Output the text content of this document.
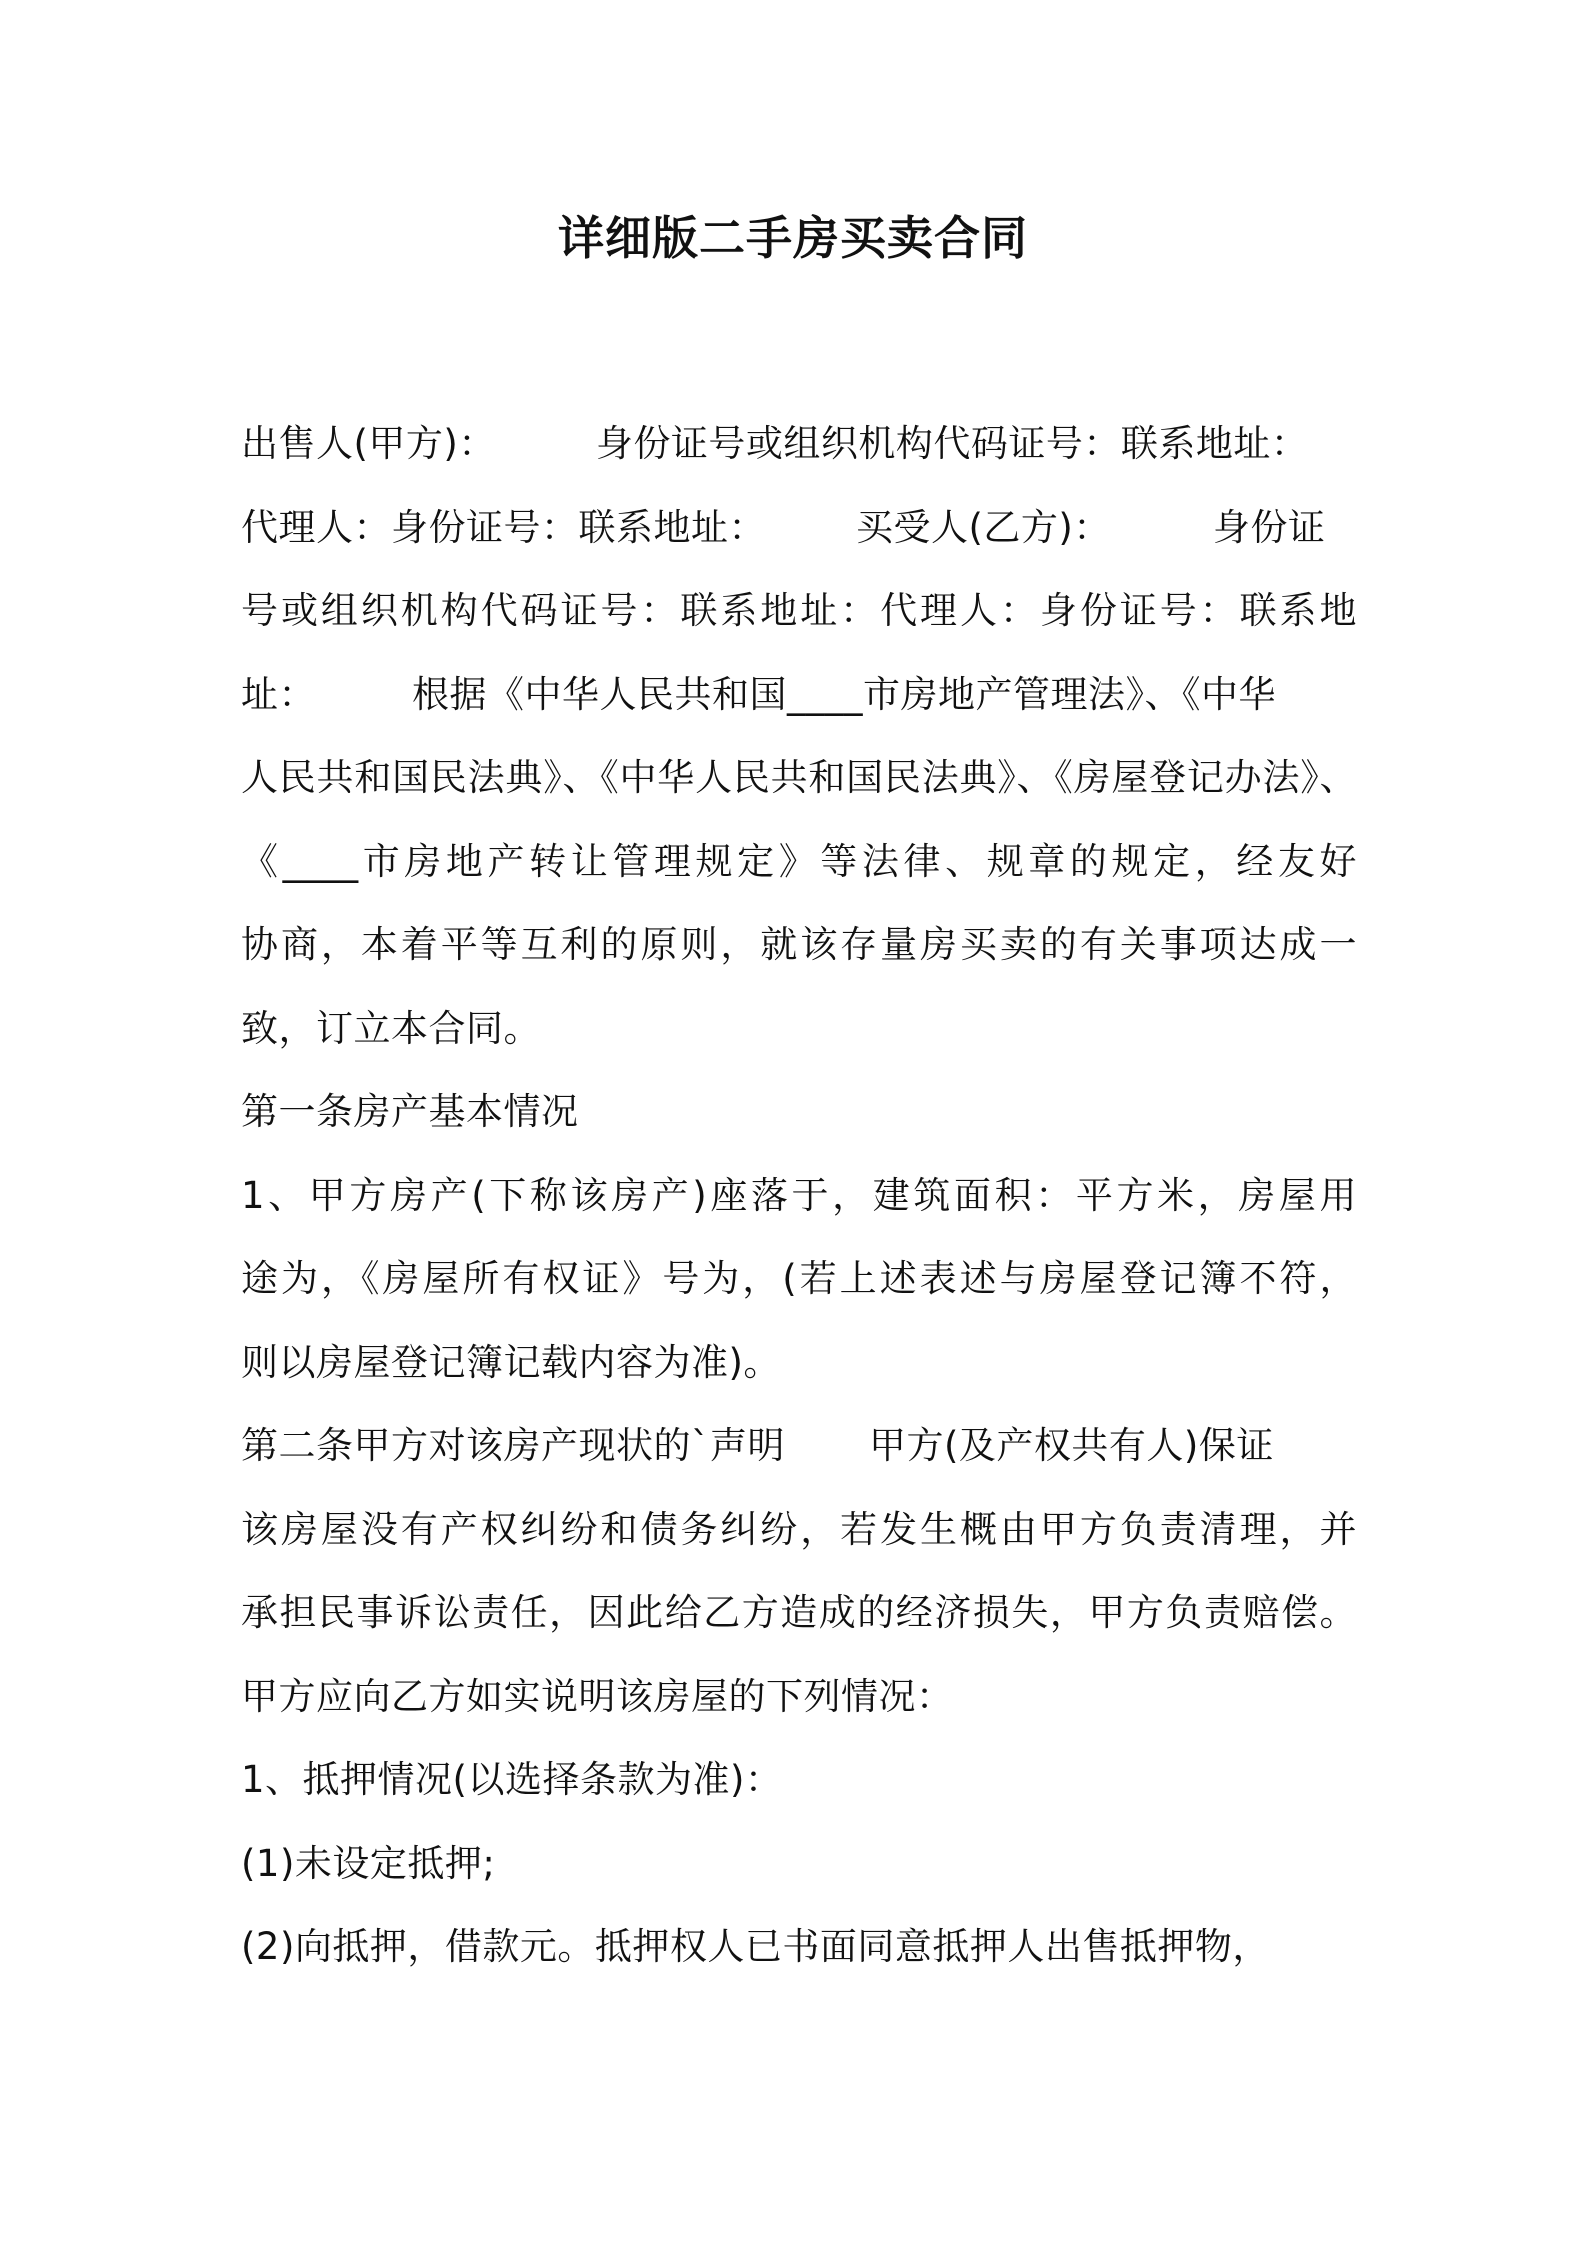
详细版二手房买卖合同
出售人(甲方)：	身份证号或组织机构代码证号：联系地址：
代理人：身份证号：联系地址： 买受人(乙方)：	身份证
号或组织机构代码证号：联系地址：代理人：身份证号：联系地
址：	根据《中华人民共和国____市房地产管理法》、《中华
人民共和国民法典》、《中华人民共和国民法典》、《房屋登记办法》、
《____市房地产转让管理规定》等法律、规章的规定，经友好
协商，本着平等互利的原则，就该存量房买卖的有关事项达成一
致，订立本合同。
第一条房产基本情况
1、甲方房产(下称该房产)座落于，建筑面积：平方米，房屋用
途为，《房屋所有权证》号为，(若上述表述与房屋登记簿不符，
则以房屋登记簿记载内容为准)。
第二条甲方对该房产现状的`声明 甲方(及产权共有人)保证
该房屋没有产权纠纷和债务纠纷，若发生概由甲方负责清理，并
承担民事诉讼责任，因此给乙方造成的经济损失，甲方负责赔偿。
甲方应向乙方如实说明该房屋的下列情况：
1、抵押情况(以选择条款为准)：
(1)未设定抵押;
(2)向抵押，借款元。抵押权人已书面同意抵押人出售抵押物，
